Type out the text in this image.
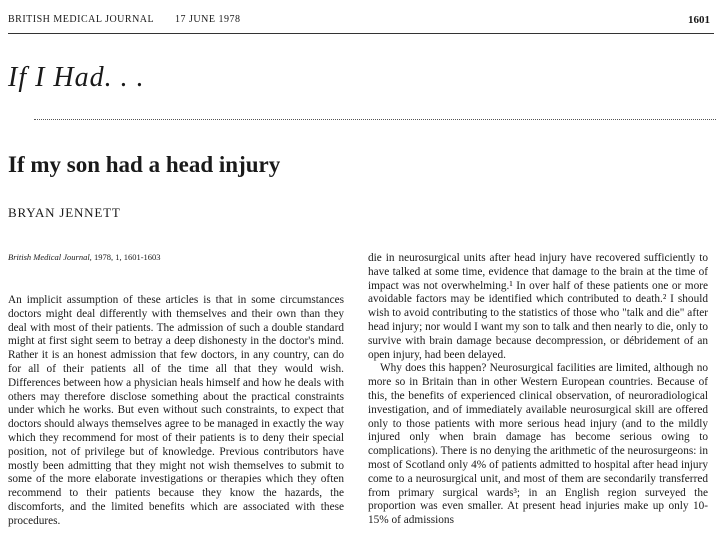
BRITISH MEDICAL JOURNAL 17 JUNE 1978	1601
If I Had. . .
If my son had a head injury
BRYAN JENNETT
British Medical Journal, 1978, 1, 1601-1603

An implicit assumption of these articles is that in some circumstances doctors might deal differently with themselves and their own than they deal with most of their patients. The admission of such a double standard might at first sight seem to betray a deep dishonesty in the doctor's mind. Rather it is an honest admission that few doctors, in any country, can do for all of their patients all of the time all that they would wish. Differences between how a physician heals himself and how he deals with others may therefore disclose something about the practical constraints under which he works. But even without such constraints, to expect that doctors should always themselves agree to be managed in exactly the way which they recommend for most of their patients is to deny their special position, not of privilege but of knowledge. Previous contributors have mostly been admitting that they might not wish themselves to submit to some of the more elaborate investigations or therapies which they often recommend to their patients because they know the hazards, the discomforts, and the limited benefits which are associated with these procedures.

die in neurosurgical units after head injury have recovered sufficiently to have talked at some time, evidence that damage to the brain at the time of impact was not overwhelming.¹ In over half of these patients one or more avoidable factors may be identified which contributed to death.² I should wish to avoid contributing to the statistics of those who "talk and die" after head injury; nor would I want my son to talk and then nearly to die, only to survive with brain damage because decompression, or débridement of an open injury, had been delayed.

Why does this happen? Neurosurgical facilities are limited, although no more so in Britain than in other Western European countries. Because of this, the benefits of experienced clinical observation, of neuroradiological investigation, and of immediately available neurosurgical skill are offered only to those patients with more serious head injury (and to the mildly injured only when brain damage has become serious owing to complications). There is no denying the arithmetic of the neurosurgeons: in most of Scotland only 4% of patients admitted to hospital after head injury come to a neurosurgical unit, and most of them are secondarily transferred from primary surgical wards³; in an English region surveyed the proportion was even smaller. At present head injuries make up only 10-15% of admissions
